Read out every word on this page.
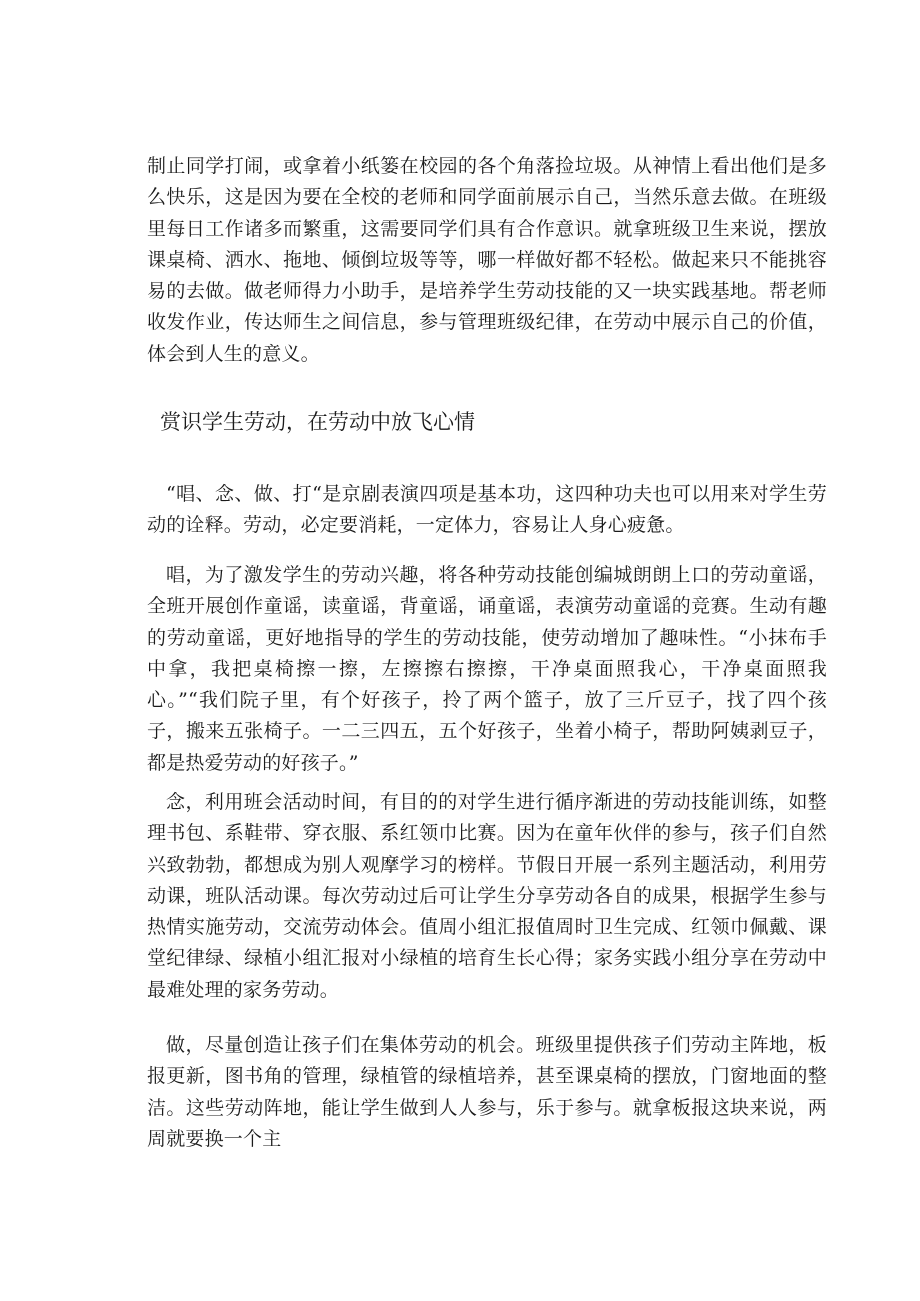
制止同学打闹，或拿着小纸篓在校园的各个角落捡垃圾。从神情上看出他们是多么快乐，这是因为要在全校的老师和同学面前展示自己，当然乐意去做。在班级里每日工作诸多而繁重，这需要同学们具有合作意识。就拿班级卫生来说，摆放课桌椅、洒水、拖地、倾倒垃圾等等，哪一样做好都不轻松。做起来只不能挑容易的去做。做老师得力小助手，是培养学生劳动技能的又一块实践基地。帮老师收发作业，传达师生之间信息，参与管理班级纪律，在劳动中展示自己的价值，体会到人生的意义。
赏识学生劳动，在劳动中放飞心情
“唱、念、做、打“是京剧表演四项是基本功，这四种功夫也可以用来对学生劳动的诠释。劳动，必定要消耗，一定体力，容易让人身心疲惫。
唱，为了激发学生的劳动兴趣，将各种劳动技能创编城朗朗上口的劳动童谣，全班开展创作童谣，读童谣，背童谣，诵童谣，表演劳动童谣的竞赛。生动有趣的劳动童谣，更好地指导的学生的劳动技能，使劳动增加了趣味性。“小抹布手中拿，我把桌椅擦一擦，左擦擦右擦擦，干净桌面照我心，干净桌面照我心。”“我们院子里，有个好孩子，拎了两个篮子，放了三斤豆子，找了四个孩子，搬来五张椅子。一二三四五，五个好孩子，坐着小椅子，帮助阿姨剥豆子，都是热爱劳动的好孩子。”
念，利用班会活动时间，有目的的对学生进行循序渐进的劳动技能训练，如整理书包、系鞋带、穿衣服、系红领巾比赛。因为在童年伙伴的参与，孩子们自然兴致勃勃，都想成为别人观摩学习的榜样。节假日开展一系列主题活动，利用劳动课，班队活动课。每次劳动过后可让学生分享劳动各自的成果，根据学生参与热情实施劳动，交流劳动体会。值周小组汇报值周时卫生完成、红领巾佩戴、课堂纪律绿、绿植小组汇报对小绿植的培育生长心得；家务实践小组分享在劳动中最难处理的家务劳动。
做，尽量创造让孩子们在集体劳动的机会。班级里提供孩子们劳动主阵地，板报更新，图书角的管理，绿植管的绿植培养，甚至课桌椅的摆放，门窗地面的整洁。这些劳动阵地，能让学生做到人人参与，乐于参与。就拿板报这块来说，两周就要换一个主
